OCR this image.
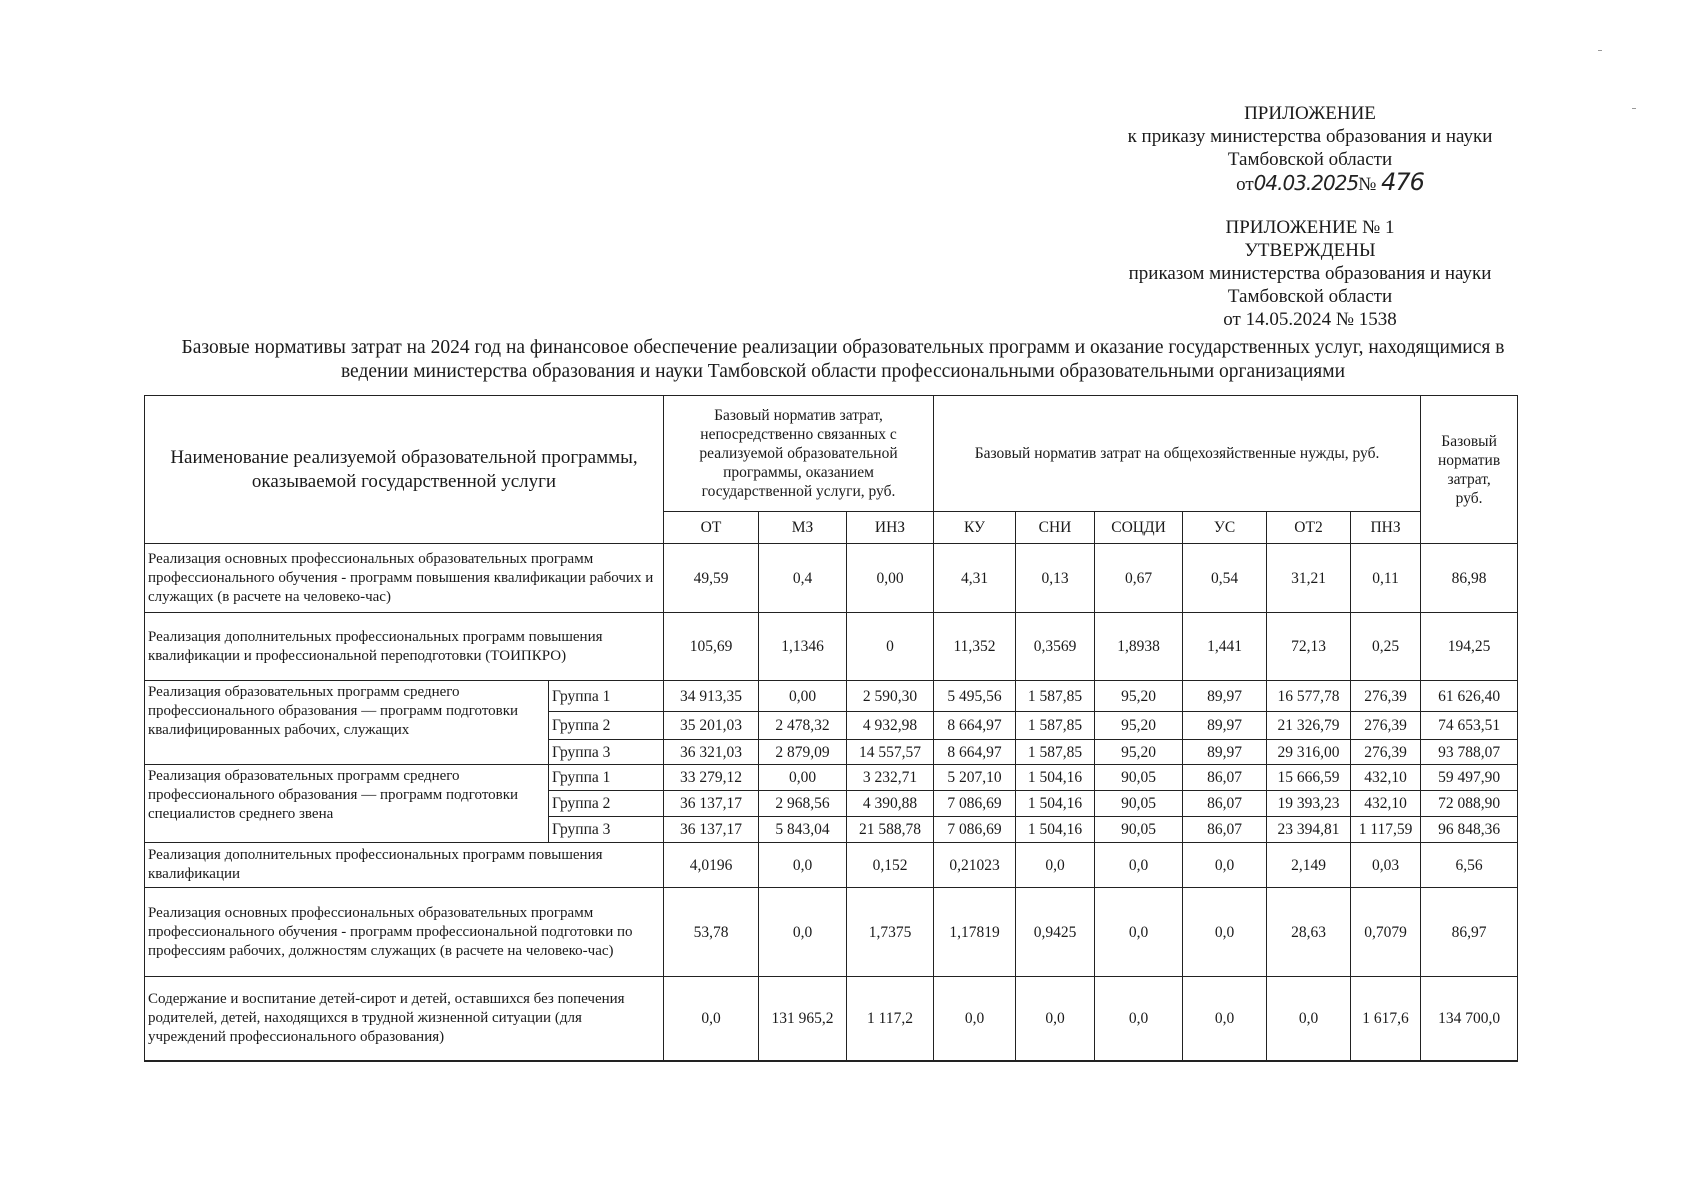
ПРИЛОЖЕНИЕ
к приказу министерства образования и науки
Тамбовской области
от04.03.2025№ 476
ПРИЛОЖЕНИЕ № 1
УТВЕРЖДЕНЫ
приказом министерства образования и науки
Тамбовской области
от 14.05.2024 № 1538
Базовые нормативы затрат на 2024 год на финансовое обеспечение реализации образовательных программ и оказание государственных услуг, находящимися в
ведении министерства образования и науки Тамбовской области профессиональными образовательными организациями
Наименование реализуемой образовательной программы, оказываемой государственной услуги		Базовый норматив затрат, непосредственно связанных с реализуемой образовательной программы, оказанием государственной услуги, руб.			Базовый норматив затрат на общехозяйственные нужды, руб.						Базовый норматив затрат, руб.
		ОТ	МЗ	ИНЗ	КУ	СНИ	СОЦДИ	УС	ОТ2	ПНЗ	
Реализация основных профессиональных образовательных программ профессионального обучения - программ повышения квалификации рабочих и служащих (в расчете на человеко-час)		49,59	0,4	0,00	4,31	0,13	0,67	0,54	31,21	0,11	86,98
Реализация дополнительных профессиональных программ повышения квалификации и профессиональной переподготовки (ТОИПКРО)		105,69	1,1346	0	11,352	0,3569	1,8938	1,441	72,13	0,25	194,25
Реализация образовательных программ среднего профессионального образования — программ подготовки квалифицированных рабочих, служащих	Группа 1	34 913,35	0,00	2 590,30	5 495,56	1 587,85	95,20	89,97	16 577,78	276,39	61 626,40
	Группа 2	35 201,03	2 478,32	4 932,98	8 664,97	1 587,85	95,20	89,97	21 326,79	276,39	74 653,51
	Группа 3	36 321,03	2 879,09	14 557,57	8 664,97	1 587,85	95,20	89,97	29 316,00	276,39	93 788,07
Реализация образовательных программ среднего профессионального образования — программ подготовки специалистов среднего звена	Группа 1	33 279,12	0,00	3 232,71	5 207,10	1 504,16	90,05	86,07	15 666,59	432,10	59 497,90
	Группа 2	36 137,17	2 968,56	4 390,88	7 086,69	1 504,16	90,05	86,07	19 393,23	432,10	72 088,90
	Группа 3	36 137,17	5 843,04	21 588,78	7 086,69	1 504,16	90,05	86,07	23 394,81	1 117,59	96 848,36
Реализация дополнительных профессиональных программ повышения квалификации		4,0196	0,0	0,152	0,21023	0,0	0,0	0,0	2,149	0,03	6,56
Реализация основных профессиональных образовательных программ профессионального обучения - программ профессиональной подготовки по профессиям рабочих, должностям служащих (в расчете на человеко-час)		53,78	0,0	1,7375	1,17819	0,9425	0,0	0,0	28,63	0,7079	86,97
Содержание и воспитание детей-сирот и детей, оставшихся без попечения родителей, детей, находящихся в трудной жизненной ситуации (для учреждений профессионального образования)		0,0	131 965,2	1 117,2	0,0	0,0	0,0	0,0	0,0	1 617,6	134 700,0
